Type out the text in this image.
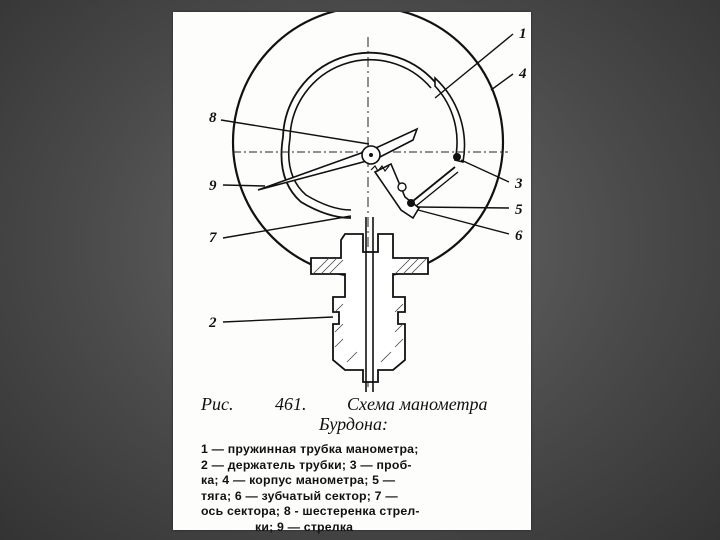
1
4
8
9
7
2
3
5
6
Рис. 461. Схема манометра
Бурдона:
1 — пружинная трубка манометра;
2 — держатель трубки; 3 — проб-
ка; 4 — корпус манометра; 5 —
тяга; 6 — зубчатый сектор; 7 —
ось сектора; 8 - шестеренка стрел-
ки; 9 — стрелка
